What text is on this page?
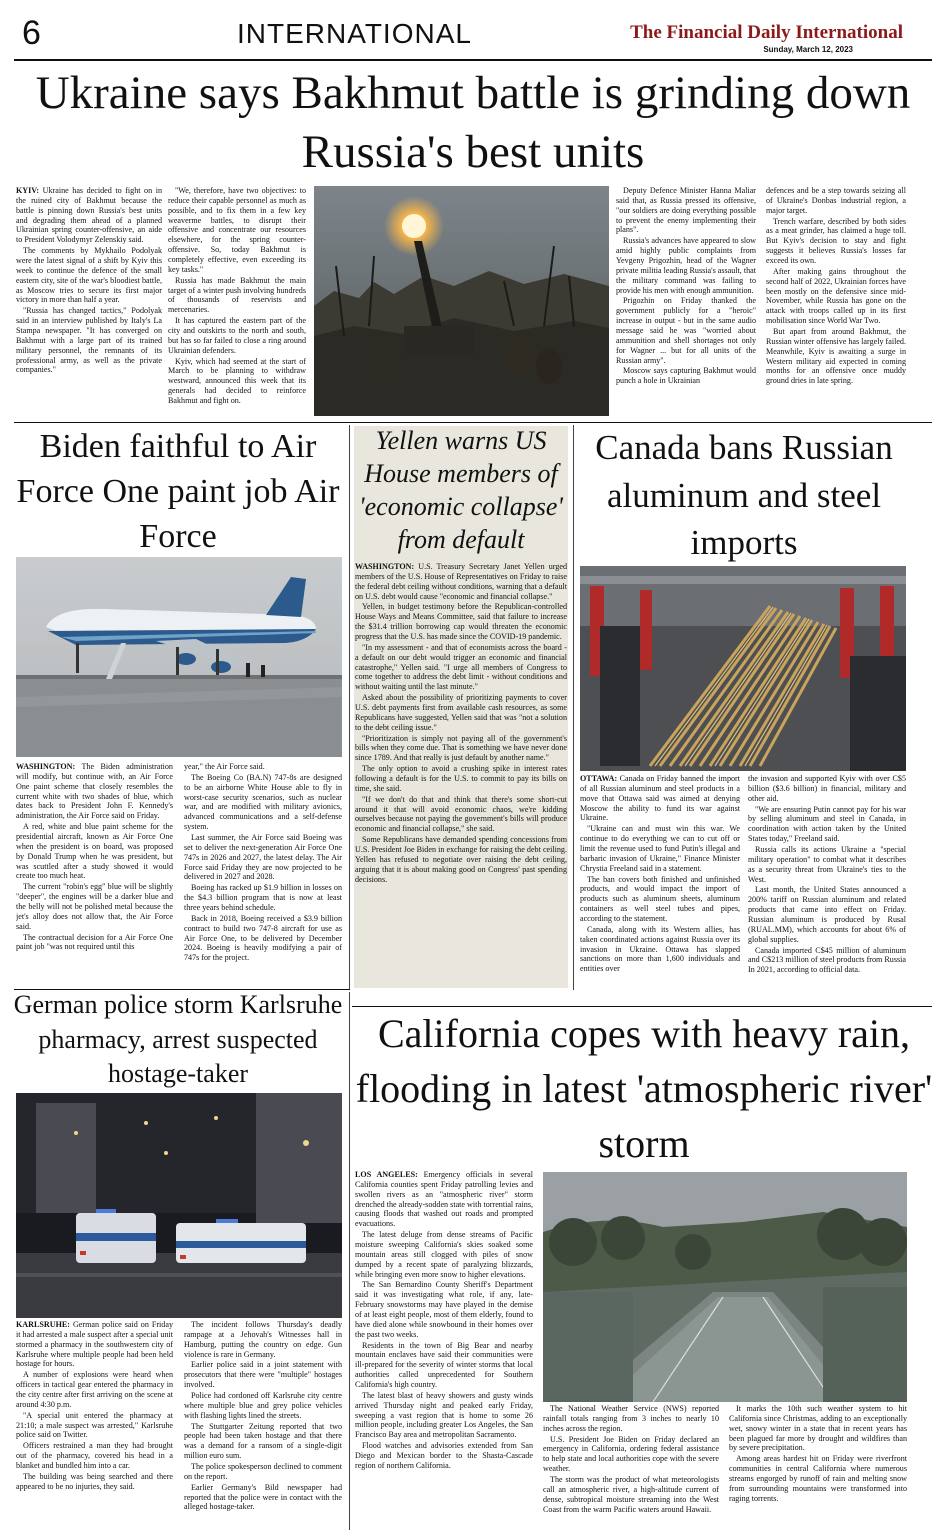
6	INTERNATIONAL	The Financial Daily International
Sunday, March 12, 2023
Ukraine says Bakhmut battle is grinding down Russia's best units

KYIV: Ukraine has decided to fight on in the ruined city of Bakhmut because the battle is pinning down Russia's best units and degrading them ahead of a planned Ukrainian spring counter-offensive, an aide to President Volodymyr Zelenskiy said.

The comments by Mykhailo Podolyak were the latest signal of a shift by Kyiv this week to continue the defence of the small eastern city, site of the war's bloodiest battle, as Moscow tries to secure its first major victory in more than half a year.

"Russia has changed tactics," Podolyak said in an interview published by Italy's La Stampa newspaper. "It has converged on Bakhmut with a large part of its trained military personnel, the remnants of its professional army, as well as the private companies."

"We, therefore, have two objectives: to reduce their capable personnel as much as possible, and to fix them in a few key weaverme battles, to disrupt their offensive and concentrate our resources elsewhere, for the spring counter-offensive. So, today Bakhmut is completely effective, even exceeding its key tasks."

Russia has made Bakhmut the main target of a winter push involving hundreds of thousands of reservists and mercenaries.

It has captured the eastern part of the city and outskirts to the north and south, but has so far failed to close a ring around Ukrainian defenders.

Kyiv, which had seemed at the start of March to be planning to withdraw westward, announced this week that its generals had decided to reinforce Bakhmut and fight on.

Deputy Defence Minister Hanna Maliar said that, as Russia pressed its offensive, "our soldiers are doing everything possible to prevent the enemy implementing their plans".

Russia's advances have appeared to slow amid highly public complaints from Yevgeny Prigozhin, head of the Wagner private militia leading Russia's assault, that the military command was failing to provide his men with enough ammunition.

Prigozhin on Friday thanked the government publicly for a "heroic" increase in output - but in the same audio message said he was "worried about ammunition and shell shortages not only for Wagner ... but for all units of the Russian army".

Moscow says capturing Bakhmut would punch a hole in Ukrainian

defences and be a step towards seizing all of Ukraine's Donbas industrial region, a major target.

Trench warfare, described by both sides as a meat grinder, has claimed a huge toll. But Kyiv's decision to stay and fight suggests it believes Russia's losses far exceed its own.

After making gains throughout the second half of 2022, Ukrainian forces have been mostly on the defensive since mid-November, while Russia has gone on the attack with troops called up in its first mobilisation since World War Two.

But apart from around Bakhmut, the Russian winter offensive has largely failed. Meanwhile, Kyiv is awaiting a surge in Western military aid expected in coming months for an offensive once muddy ground dries in late spring.

Biden faithful to Air Force One paint job Air Force

WASHINGTON: The Biden administration will modify, but continue with, an Air Force One paint scheme that closely resembles the current white with two shades of blue, which dates back to President John F. Kennedy's administration, the Air Force said on Friday.

A red, white and blue paint scheme for the presidential aircraft, known as Air Force One when the president is on board, was proposed by Donald Trump when he was president, but was scuttled after a study showed it would create too much heat.

The current "robin's egg" blue will be slightly "deeper", the engines will be a darker blue and the belly will not be polished metal because the jet's alloy does not allow that, the Air Force said.

The contractual decision for a Air Force One paint job "was not required until this

year," the Air Force said.

The Boeing Co (BA.N) 747-8s are designed to be an airborne White House able to fly in worst-case security scenarios, such as nuclear war, and are modified with military avionics, advanced communications and a self-defense system.

Last summer, the Air Force said Boeing was set to deliver the next-generation Air Force One 747s in 2026 and 2027, the latest delay. The Air Force said Friday they are now projected to be delivered in 2027 and 2028.

Boeing has racked up $1.9 billion in losses on the $4.3 billion program that is now at least three years behind schedule.

Back in 2018, Boeing received a $3.9 billion contract to build two 747-8 aircraft for use as Air Force One, to be delivered by December 2024. Boeing is heavily modifying a pair of 747s for the project.

Yellen warns US House members of 'economic collapse' from default

WASHINGTON: U.S. Treasury Secretary Janet Yellen urged members of the U.S. House of Representatives on Friday to raise the federal debt ceiling without conditions, warning that a default on U.S. debt would cause "economic and financial collapse."

Yellen, in budget testimony before the Republican-controlled House Ways and Means Committee, said that failure to increase the $31.4 trillion borrowing cap would threaten the economic progress that the U.S. has made since the COVID-19 pandemic.

"In my assessment - and that of economists across the board - a default on our debt would trigger an economic and financial catastrophe," Yellen said. "I urge all members of Congress to come together to address the debt limit - without conditions and without waiting until the last minute."

Asked about the possibility of prioritizing payments to cover U.S. debt payments first from available cash resources, as some Republicans have suggested, Yellen said that was "not a solution to the debt ceiling issue."

"Prioritization is simply not paying all of the government's bills when they come due. That is something we have never done since 1789. And that really is just default by another name."

The only option to avoid a crushing spike in interest rates following a default is for the U.S. to commit to pay its bills on time, she said.

"If we don't do that and think that there's some short-cut around it that will avoid economic chaos, we're kidding ourselves because not paying the government's bills will produce economic and financial collapse," she said.

Some Republicans have demanded spending concessions from U.S. President Joe Biden in exchange for raising the debt ceiling. Yellen has refused to negotiate over raising the debt ceiling, arguing that it is about making good on Congress' past spending decisions.

Canada bans Russian aluminum and steel imports

OTTAWA: Canada on Friday banned the import of all Russian aluminum and steel products in a move that Ottawa said was aimed at denying Moscow the ability to fund its war against Ukraine.

"Ukraine can and must win this war. We continue to do everything we can to cut off or limit the revenue used to fund Putin's illegal and barbaric invasion of Ukraine," Finance Minister Chrystia Freeland said in a statement.

The ban covers both finished and unfinished products, and would impact the import of products such as aluminum sheets, aluminum containers as well steel tubes and pipes, according to the statement.

Canada, along with its Western allies, has taken coordinated actions against Russia over its invasion in Ukraine. Ottawa has slapped sanctions on more than 1,600 individuals and entities over

the invasion and supported Kyiv with over C$5 billion ($3.6 billion) in financial, military and other aid.

"We are ensuring Putin cannot pay for his war by selling aluminum and steel in Canada, in coordination with action taken by the United States today," Freeland said.

Russia calls its actions Ukraine a "special military operation" to combat what it describes as a security threat from Ukraine's ties to the West.

Last month, the United States announced a 200% tariff on Russian aluminum and related products that came into effect on Friday. Russian aluminum is produced by Rusal (RUAL.MM), which accounts for about 6% of global supplies.

Canada imported C$45 million of aluminum and C$213 million of steel products from Russia In 2021, according to official data.

German police storm Karlsruhe pharmacy, arrest suspected hostage-taker

KARLSRUHE: German police said on Friday it had arrested a male suspect after a special unit stormed a pharmacy in the southwestern city of Karlsruhe where multiple people had been held hostage for hours.

A number of explosions were heard when officers in tactical gear entered the pharmacy in the city centre after first arriving on the scene at around 4:30 p.m.

"A special unit entered the pharmacy at 21:10; a male suspect was arrested," Karlsruhe police said on Twitter.

Officers restrained a man they had brought out of the pharmacy, covered his head in a blanket and bundled him into a car.

The building was being searched and there appeared to be no injuries, they said.

The incident follows Thursday's deadly rampage at a Jehovah's Witnesses hall in Hamburg, putting the country on edge. Gun violence is rare in Germany.

Earlier police said in a joint statement with prosecutors that there were "multiple" hostages involved.

Police had cordoned off Karlsruhe city centre where multiple blue and grey police vehicles with flashing lights lined the streets.

The Stuttgarter Zeitung reported that two people had been taken hostage and that there was a demand for a ransom of a single-digit million euro sum.

The police spokesperson declined to comment on the report.

Earlier Germany's Bild newspaper had reported that the police were in contact with the alleged hostage-taker.

California copes with heavy rain, flooding in latest 'atmospheric river' storm

LOS ANGELES: Emergency officials in several California counties spent Friday patrolling levies and swollen rivers as an "atmospheric river" storm drenched the already-sodden state with torrential rains, causing floods that washed out roads and prompted evacuations.

The latest deluge from dense streams of Pacific moisture sweeping California's skies soaked some mountain areas still clogged with piles of snow dumped by a recent spate of paralyzing blizzards, while bringing even more snow to higher elevations.

The San Bernardino County Sheriff's Department said it was investigating what role, if any, late-February snowstorms may have played in the demise of at least eight people, most of them elderly, found to have died alone while snowbound in their homes over the past two weeks.

Residents in the town of Big Bear and nearby mountain enclaves have said their communities were ill-prepared for the severity of winter storms that local authorities called unprecedented for Southern California's high country.

The latest blast of heavy showers and gusty winds arrived Thursday night and peaked early Friday, sweeping a vast region that is home to some 26 million people, including greater Los Angeles, the San Francisco Bay area and metropolitan Sacramento.

Flood watches and advisories extended from San Diego and Mexican border to the Shasta-Cascade region of northern California.

The National Weather Service (NWS) reported rainfall totals ranging from 3 inches to nearly 10 inches across the region.

U.S. President Joe Biden on Friday declared an emergency in California, ordering federal assistance to help state and local authorities cope with the severe weather.

The storm was the product of what meteorologists call an atmospheric river, a high-altitude current of dense, subtropical moisture streaming into the West Coast from the warm Pacific waters around Hawaii.

It marks the 10th such weather system to hit California since Christmas, adding to an exceptionally wet, snowy winter in a state that in recent years has been plagued far more by drought and wildfires than by severe precipitation.

Among areas hardest hit on Friday were riverfront communities in central California where numerous streams engorged by runoff of rain and melting snow from surrounding mountains were transformed into raging torrents.
